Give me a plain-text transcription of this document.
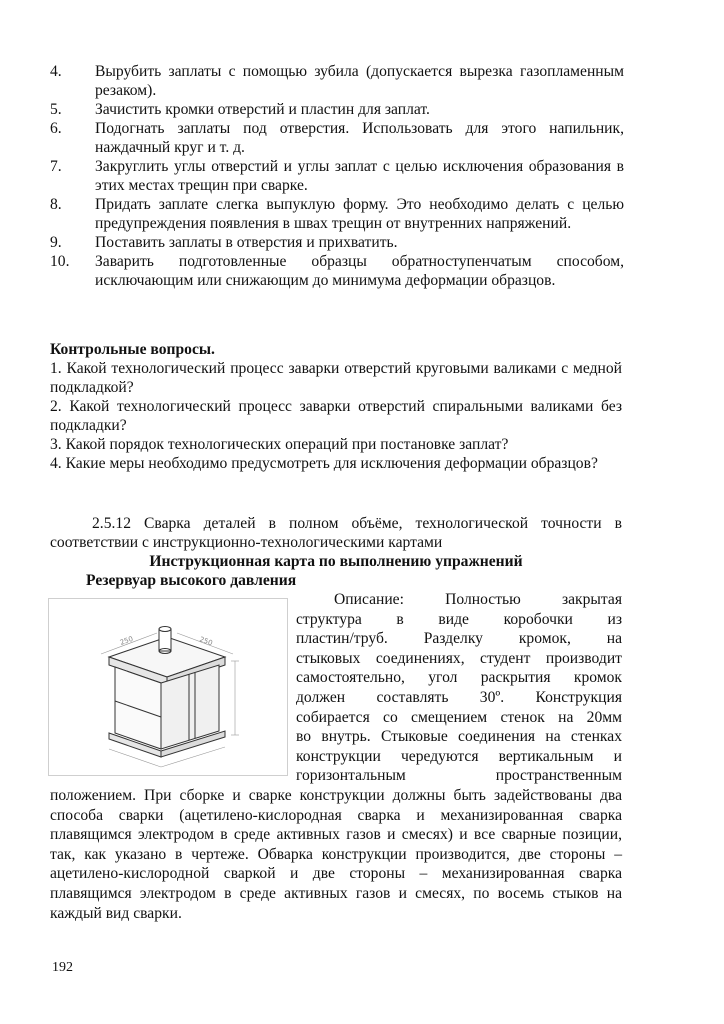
4.	Вырубить заплаты с помощью зубила (допускается вырезка газопламенным резаком).
5.	Зачистить кромки отверстий и пластин для заплат.
6.	Подогнать заплаты под отверстия. Использовать для этого напильник, наждачный круг и т. д.
7.	Закруглить углы отверстий и углы заплат с целью исключения образования в этих местах трещин при сварке.
8.	Придать заплате слегка выпуклую форму. Это необходимо делать с целью предупреждения появления в швах трещин от внутренних напряжений.
9.	Поставить заплаты в отверстия и прихватить.
10.	Заварить подготовленные образцы обратноступенчатым способом, исключающим или снижающим до минимума деформации образцов.
Контрольные вопросы.
1. Какой технологический процесс заварки отверстий круговыми валиками с медной подкладкой?
2. Какой технологический процесс заварки отверстий спиральными валиками без подкладки?
3. Какой порядок технологических операций при постановке заплат?
4. Какие меры необходимо предусмотреть для исключения деформации образцов?
2.5.12 Сварка деталей в полном объёме, технологической точности в соответствии с инструкционно-технологическими картами
Инструкционная карта по выполнению упражнений
Резервуар высокого давления
250	250
Описание: Полностью закрытая
структура в виде коробочки из
пластин/труб. Разделку кромок, на
стыковых соединениях, студент производит
самостоятельно, угол раскрытия кромок
должен составлять 30º. Конструкция
собирается со смещением стенок на 20мм
во внутрь. Стыковые соединения на стенках
конструкции чередуются вертикальным и
горизонтальным пространственным
положением. При сборке и сварке конструкции должны быть задействованы два способа сварки (ацетилено-кислородная сварка и механизированная сварка плавящимся электродом в среде активных газов и смесях) и все сварные позиции, так, как указано в чертеже. Обварка конструкции производится, две стороны – ацетилено-кислородной сваркой и две стороны – механизированная сварка плавящимся электродом в среде активных газов и смесях, по восемь стыков на каждый вид сварки.
192
